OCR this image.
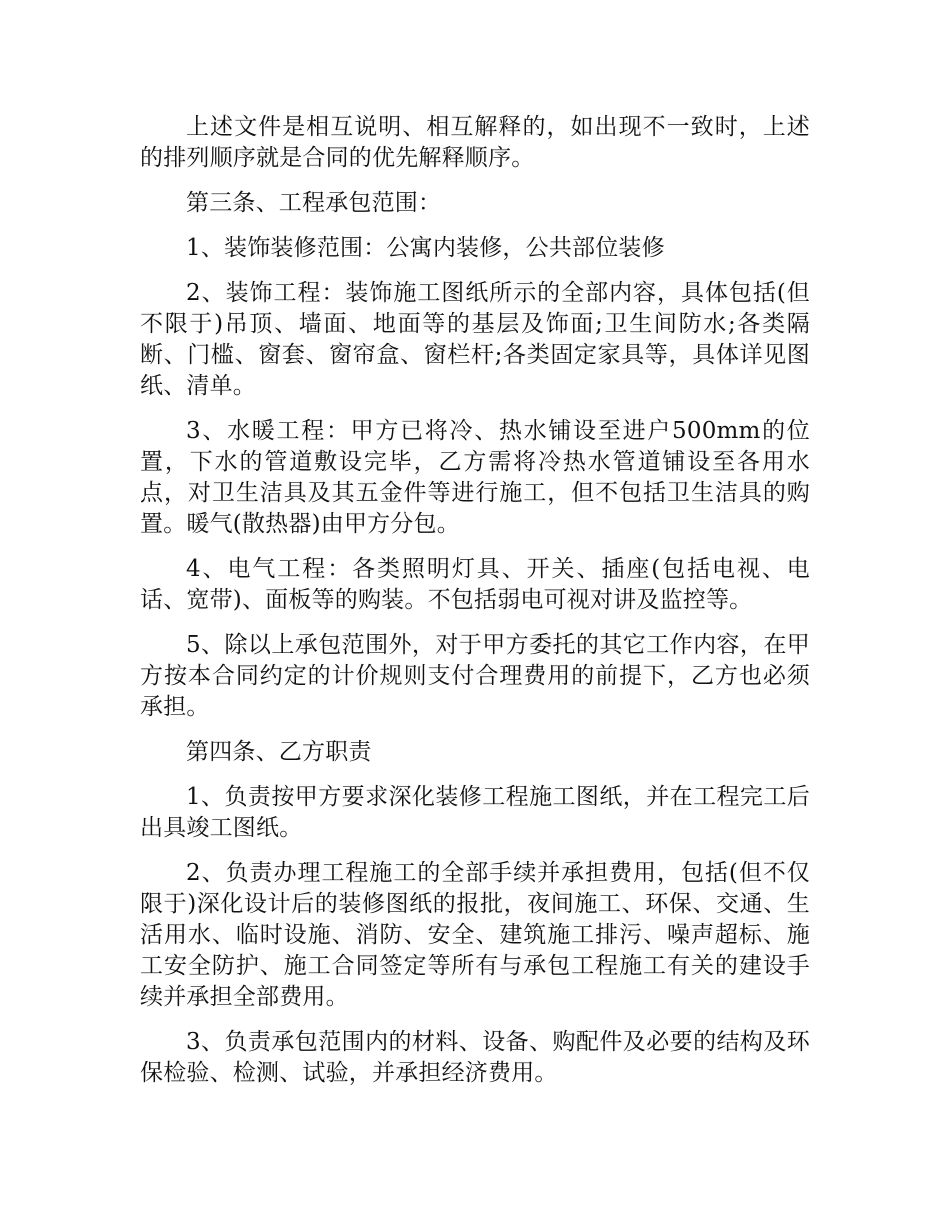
上述文件是相互说明、相互解释的，如出现不一致时，上述的排列顺序就是合同的优先解释顺序。

第三条、工程承包范围：

1、装饰装修范围：公寓内装修，公共部位装修

2、装饰工程：装饰施工图纸所示的全部内容，具体包括(但不限于)吊顶、墙面、地面等的基层及饰面;卫生间防水;各类隔断、门槛、窗套、窗帘盒、窗栏杆;各类固定家具等，具体详见图纸、清单。

3、水暖工程：甲方已将冷、热水铺设至进户500mm的位置，下水的管道敷设完毕，乙方需将冷热水管道铺设至各用水点，对卫生洁具及其五金件等进行施工，但不包括卫生洁具的购置。暖气(散热器)由甲方分包。

4、电气工程：各类照明灯具、开关、插座(包括电视、电话、宽带)、面板等的购装。不包括弱电可视对讲及监控等。

5、除以上承包范围外，对于甲方委托的其它工作内容，在甲方按本合同约定的计价规则支付合理费用的前提下，乙方也必须承担。

第四条、乙方职责

1、负责按甲方要求深化装修工程施工图纸，并在工程完工后出具竣工图纸。

2、负责办理工程施工的全部手续并承担费用，包括(但不仅限于)深化设计后的装修图纸的报批，夜间施工、环保、交通、生活用水、临时设施、消防、安全、建筑施工排污、噪声超标、施工安全防护、施工合同签定等所有与承包工程施工有关的建设手续并承担全部费用。

3、负责承包范围内的材料、设备、购配件及必要的结构及环保检验、检测、试验，并承担经济费用。
